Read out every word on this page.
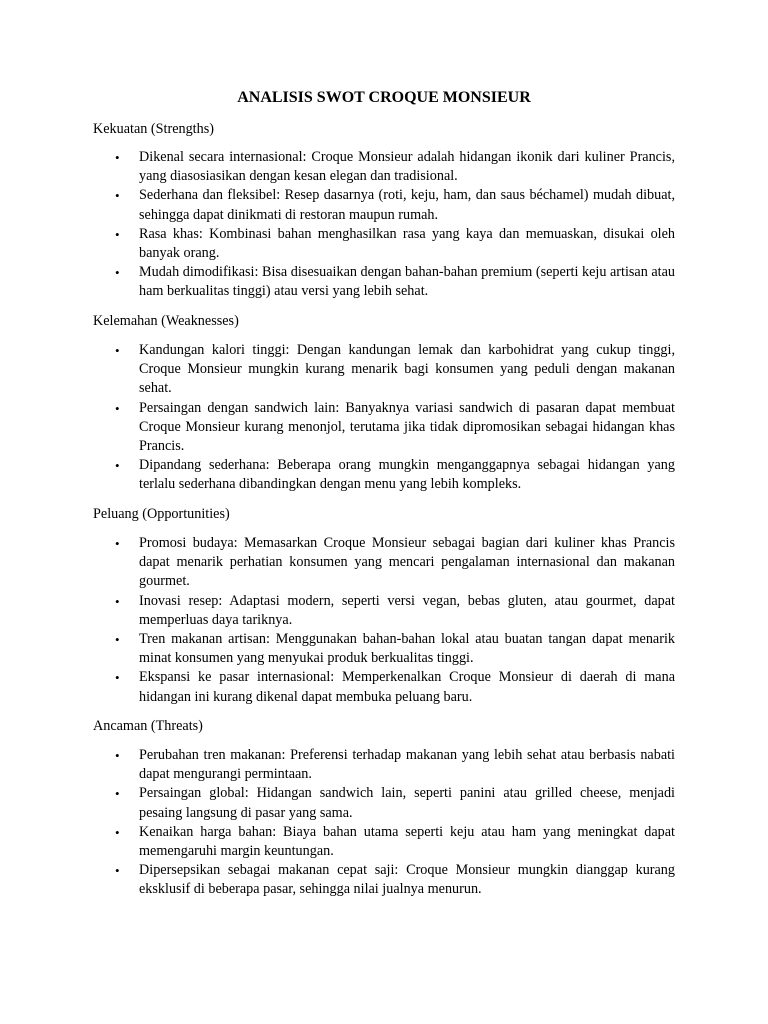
ANALISIS SWOT CROQUE MONSIEUR

Kekuatan (Strengths)

• Dikenal secara internasional: Croque Monsieur adalah hidangan ikonik dari kuliner Prancis, yang diasosiasikan dengan kesan elegan dan tradisional.
• Sederhana dan fleksibel: Resep dasarnya (roti, keju, ham, dan saus béchamel) mudah dibuat, sehingga dapat dinikmati di restoran maupun rumah.
• Rasa khas: Kombinasi bahan menghasilkan rasa yang kaya dan memuaskan, disukai oleh banyak orang.
• Mudah dimodifikasi: Bisa disesuaikan dengan bahan-bahan premium (seperti keju artisan atau ham berkualitas tinggi) atau versi yang lebih sehat.

Kelemahan (Weaknesses)

• Kandungan kalori tinggi: Dengan kandungan lemak dan karbohidrat yang cukup tinggi, Croque Monsieur mungkin kurang menarik bagi konsumen yang peduli dengan makanan sehat.
• Persaingan dengan sandwich lain: Banyaknya variasi sandwich di pasaran dapat membuat Croque Monsieur kurang menonjol, terutama jika tidak dipromosikan sebagai hidangan khas Prancis.
• Dipandang sederhana: Beberapa orang mungkin menganggapnya sebagai hidangan yang terlalu sederhana dibandingkan dengan menu yang lebih kompleks.

Peluang (Opportunities)

• Promosi budaya: Memasarkan Croque Monsieur sebagai bagian dari kuliner khas Prancis dapat menarik perhatian konsumen yang mencari pengalaman internasional dan makanan gourmet.
• Inovasi resep: Adaptasi modern, seperti versi vegan, bebas gluten, atau gourmet, dapat memperluas daya tariknya.
• Tren makanan artisan: Menggunakan bahan-bahan lokal atau buatan tangan dapat menarik minat konsumen yang menyukai produk berkualitas tinggi.
• Ekspansi ke pasar internasional: Memperkenalkan Croque Monsieur di daerah di mana hidangan ini kurang dikenal dapat membuka peluang baru.

Ancaman (Threats)

• Perubahan tren makanan: Preferensi terhadap makanan yang lebih sehat atau berbasis nabati dapat mengurangi permintaan.
• Persaingan global: Hidangan sandwich lain, seperti panini atau grilled cheese, menjadi pesaing langsung di pasar yang sama.
• Kenaikan harga bahan: Biaya bahan utama seperti keju atau ham yang meningkat dapat memengaruhi margin keuntungan.
• Dipersepsikan sebagai makanan cepat saji: Croque Monsieur mungkin dianggap kurang eksklusif di beberapa pasar, sehingga nilai jualnya menurun.
